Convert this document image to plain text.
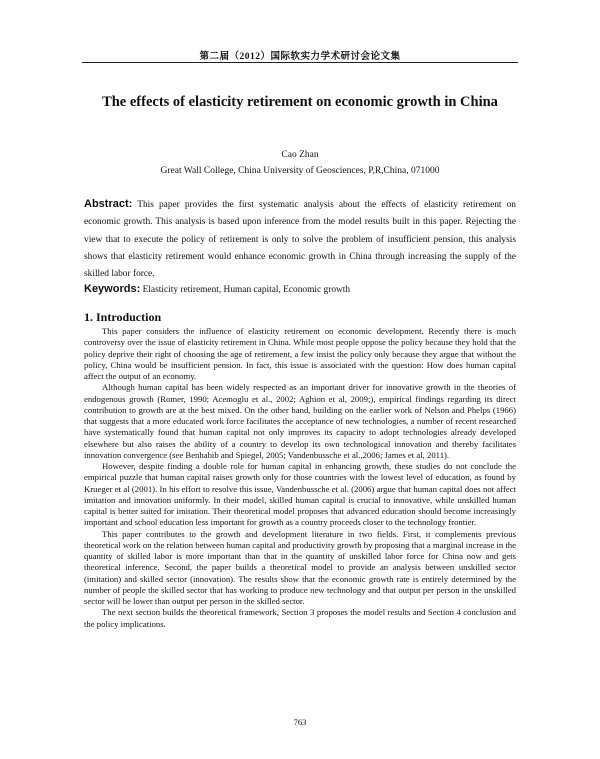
第二届（2012）国际软实力学术研讨会论文集
The effects of elasticity retirement on economic growth in China
Cao Zhan
Great Wall College, China University of Geosciences, P,R,China, 071000
Abstract: This paper provides the first systematic analysis about the effects of elasticity retirement on economic growth. This analysis is based upon inference from the model results built in this paper. Rejecting the view that to execute the policy of retirement is only to solve the problem of insufficient pension, this analysis shows that elasticity retirement would enhance economic growth in China through increasing the supply of the skilled labor force.
Keywords: Elasticity retirement, Human capital, Economic growth
1. Introduction

This paper considers the influence of elasticity retirement on economic development. Recently there is much controversy over the issue of elasticity retirement in China. While most people oppose the policy because they hold that the policy deprive their right of choosing the age of retirement, a few insist the policy only because they argue that without the policy, China would be insufficient pension. In fact, this issue is associated with the question: How does human capital affect the output of an economy.

Although human capital has been widely respected as an important driver for innovative growth in the theories of endogenous growth (Romer, 1990; Acemoglu et al., 2002; Aghion et al, 2009;), empirical findings regarding its direct contribution to growth are at the best mixed. On the other hand, building on the earlier work of Nelson and Phelps (1966) that suggests that a more educated work force facilitates the acceptance of new technologies, a number of recent researched have systematically found that human capital not only improves its capacity to adopt technologies already developed elsewhere but also raises the ability of a country to develop its own technological innovation and thereby facilitates innovation convergence (see Benhabib and Spiegel, 2005; Vandenbussche et al.,2006; James et al, 2011).

However, despite finding a double role for human capital in enhancing growth, these studies do not conclude the empirical puzzle that human capital raises growth only for those countries with the lowest level of education, as found by Krueger et al (2001). In his effort to resolve this issue, Vandenbussche et al. (2006) argue that human capital does not affect imitation and innovation uniformly. In their model, skilled human capital is crucial to innovative, while unskilled human capital is better suited for imitation. Their theoretical model proposes that advanced education should become increasingly important and school education less important for growth as a country proceeds closer to the technology frontier.

This paper contributes to the growth and development literature in two fields. First, it complements previous theoretical work on the relation between human capital and productivity growth by proposing that a marginal increase in the quantity of skilled labor is more important than that in the quantity of unskilled labor force for China now and gets theoretical inference. Second, the paper builds a theoretical model to provide an analysis between unskilled sector (imitation) and skilled sector (innovation). The results show that the economic growth rate is entirely determined by the number of people the skilled sector that has working to produce new technology and that output per person in the unskilled sector will be lower than output per person in the skilled sector.

The next section builds the theoretical framework, Section 3 proposes the model results and Section 4 conclusion and the policy implications.

763
